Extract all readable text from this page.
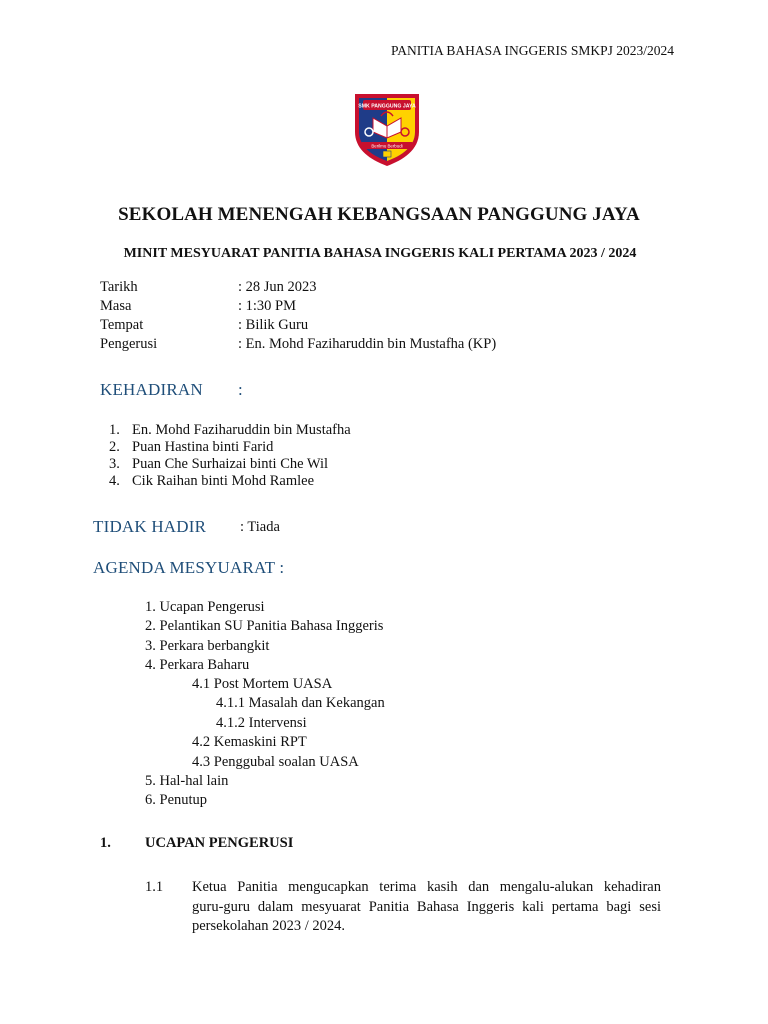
PANITIA BAHASA INGGERIS SMKPJ 2023/2024
SMK PANGGUNG JAYA
Berilmu Berbudi
SEKOLAH MENENGAH KEBANGSAAN PANGGUNG JAYA
MINIT MESYUARAT PANITIA BAHASA INGGERIS KALI PERTAMA 2023 / 2024
Tarikh	: 28 Jun 2023
Masa	: 1:30 PM
Tempat	: Bilik Guru
Pengerusi	: En. Mohd Faziharuddin bin Mustafha (KP)
KEHADIRAN :
1. En. Mohd Faziharuddin bin Mustafha
2. Puan Hastina binti Farid
3. Puan Che Surhaizai binti Che Wil
4. Cik Raihan binti Mohd Ramlee
TIDAK HADIR : Tiada
AGENDA MESYUARAT :
1. Ucapan Pengerusi
2. Pelantikan SU Panitia Bahasa Inggeris
3. Perkara berbangkit
4. Perkara Baharu
4.1 Post Mortem UASA
4.1.1 Masalah dan Kekangan
4.1.2 Intervensi
4.2 Kemaskini RPT
4.3 Penggubal soalan UASA
5. Hal-hal lain
6. Penutup
1. UCAPAN PENGERUSI
1.1 Ketua Panitia mengucapkan terima kasih dan mengalu-alukan kehadiran
guru-guru dalam mesyuarat Panitia Bahasa Inggeris kali pertama bagi sesi
persekolahan 2023 / 2024.
